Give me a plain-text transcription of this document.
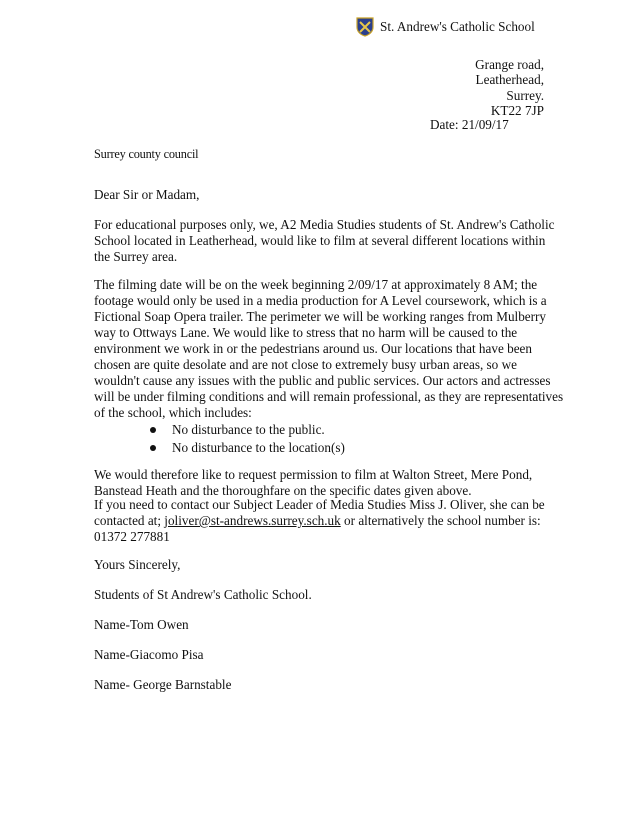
St. Andrew's Catholic School
Grange road,
Leatherhead,
Surrey.
KT22 7JP
Date: 21/09/17
Surrey county council
Dear Sir or Madam,

For educational purposes only, we, A2 Media Studies students of St. Andrew's Catholic School located in Leatherhead, would like to film at several different locations within the Surrey area.

The filming date will be on the week beginning 2/09/17 at approximately 8 AM; the footage would only be used in a media production for A Level coursework, which is a Fictional Soap Opera trailer. The perimeter we will be working ranges from Mulberry way to Ottways Lane. We would like to stress that no harm will be caused to the environment we work in or the pedestrians around us. Our locations that have been chosen are quite desolate and are not close to extremely busy urban areas, so we wouldn't cause any issues with the public and public services. Our actors and actresses will be under filming conditions and will remain professional, as they are representatives of the school, which includes:

No disturbance to the public.
No disturbance to the location(s)

We would therefore like to request permission to film at Walton Street, Mere Pond, Banstead Heath and the thoroughfare on the specific dates given above.

If you need to contact our Subject Leader of Media Studies Miss J. Oliver, she can be contacted at; joliver@st-andrews.surrey.sch.uk or alternatively the school number is: 01372 277881

Yours Sincerely,
Students of St Andrew's Catholic School.
Name-Tom Owen
Name-Giacomo Pisa
Name- George Barnstable
